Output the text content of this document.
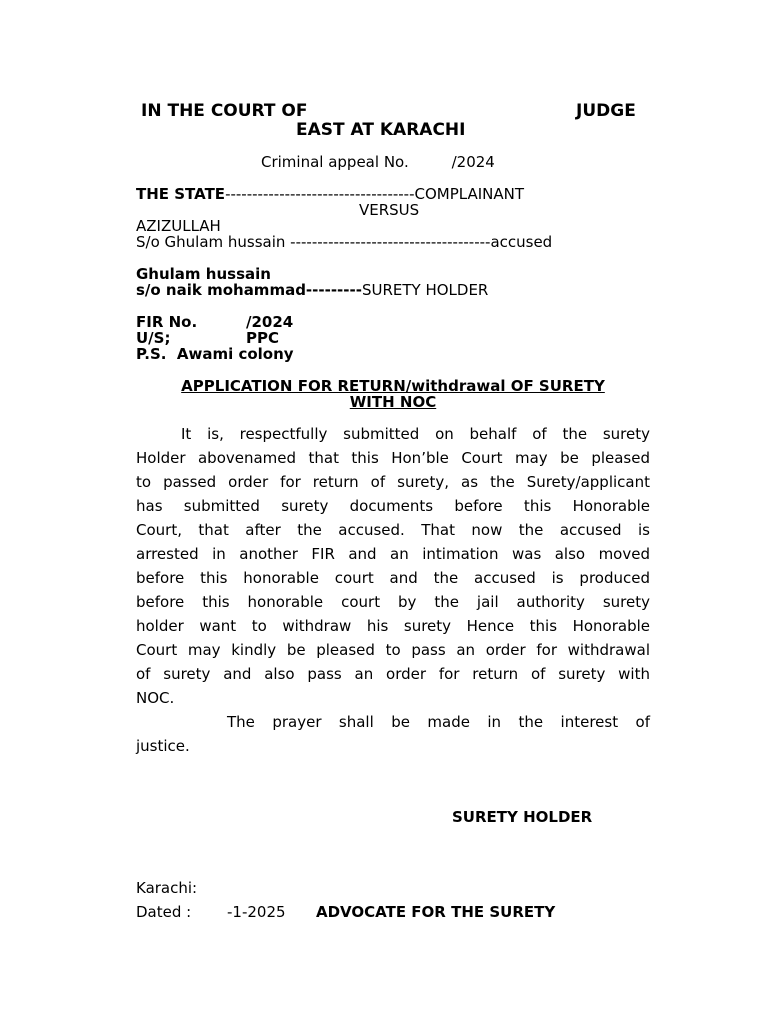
IN THE COURT OF	JUDGE
EAST AT KARACHI
Criminal appeal No.         /2024
THE STATE-----------------------------------COMPLAINANT
VERSUS
AZIZULLAH
S/o Ghulam hussain -------------------------------------accused
Ghulam hussain
s/o naik mohammad---------SURETY HOLDER
FIR No.	/2024
U/S;	PPC
P.S.  Awami colony
APPLICATION FOR RETURN/withdrawal OF SURETY
WITH NOC
It is, respectfully submitted on behalf of the surety
Holder abovenamed that this Hon’ble Court may be pleased
to passed order for return of surety, as the Surety/applicant
has submitted surety documents before this Honorable
Court, that after the accused. That now the accused is
arrested in another FIR and an intimation was also moved
before this honorable court and the accused is produced
before this honorable court by the jail authority surety
holder want to withdraw his surety Hence this Honorable
Court may kindly be pleased to pass an order for withdrawal
of surety and also pass an order for return of surety with
NOC.
The prayer shall be made in the interest of
justice.
SURETY HOLDER
Karachi:
Dated : -1-2025 ADVOCATE FOR THE SURETY
